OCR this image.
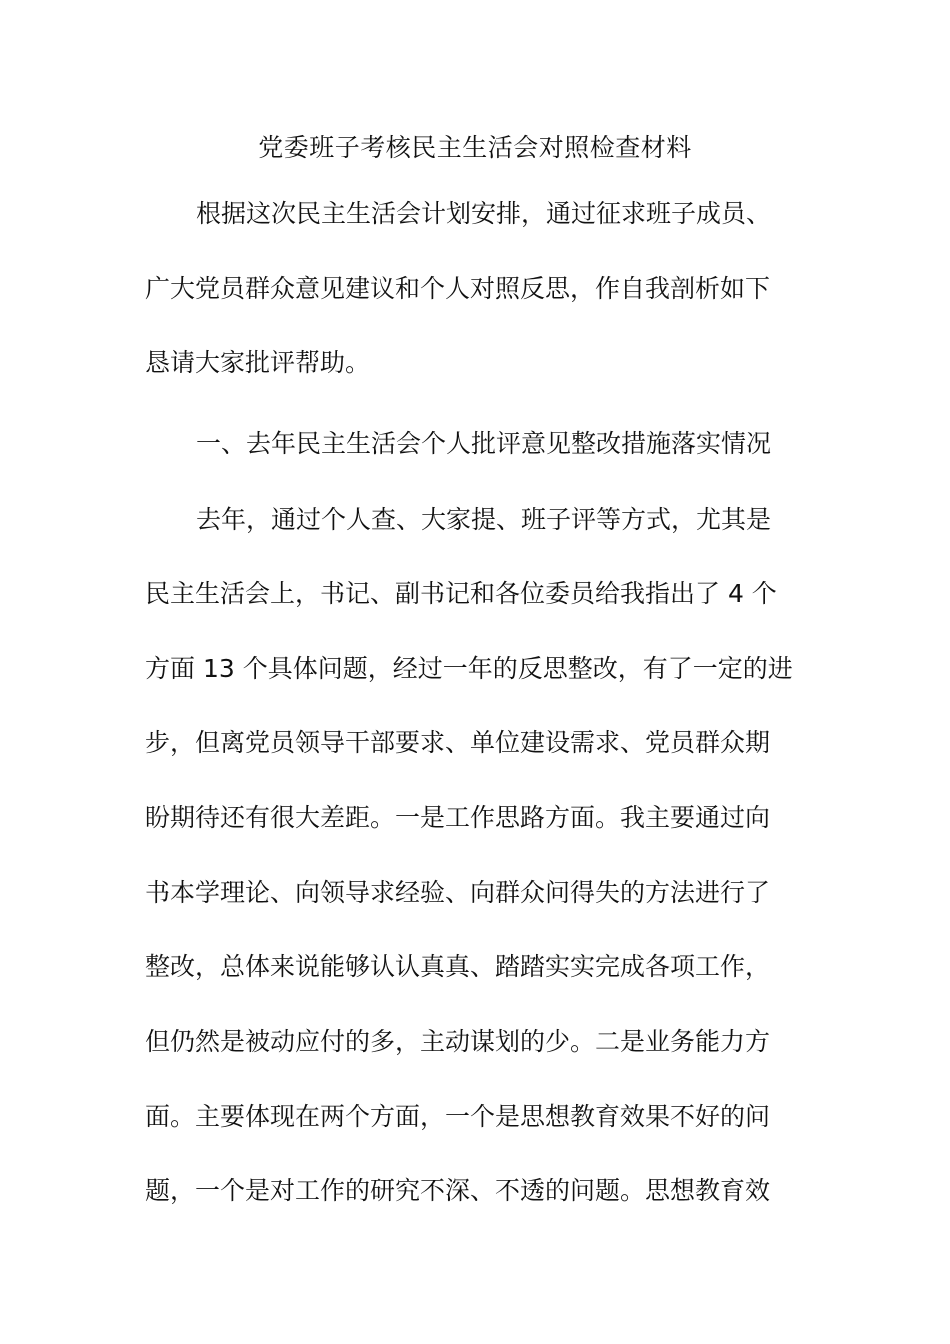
党委班子考核民主生活会对照检查材料
根据这次民主生活会计划安排，通过征求班子成员、
广大党员群众意见建议和个人对照反思，作自我剖析如下
恳请大家批评帮助。
一、去年民主生活会个人批评意见整改措施落实情况
去年，通过个人查、大家提、班子评等方式，尤其是
民主生活会上，书记、副书记和各位委员给我指出了 4 个
方面 13 个具体问题，经过一年的反思整改，有了一定的进
步，但离党员领导干部要求、单位建设需求、党员群众期
盼期待还有很大差距。一是工作思路方面。我主要通过向
书本学理论、向领导求经验、向群众问得失的方法进行了
整改，总体来说能够认认真真、踏踏实实完成各项工作，
但仍然是被动应付的多，主动谋划的少。二是业务能力方
面。主要体现在两个方面，一个是思想教育效果不好的问
题，一个是对工作的研究不深、不透的问题。思想教育效
